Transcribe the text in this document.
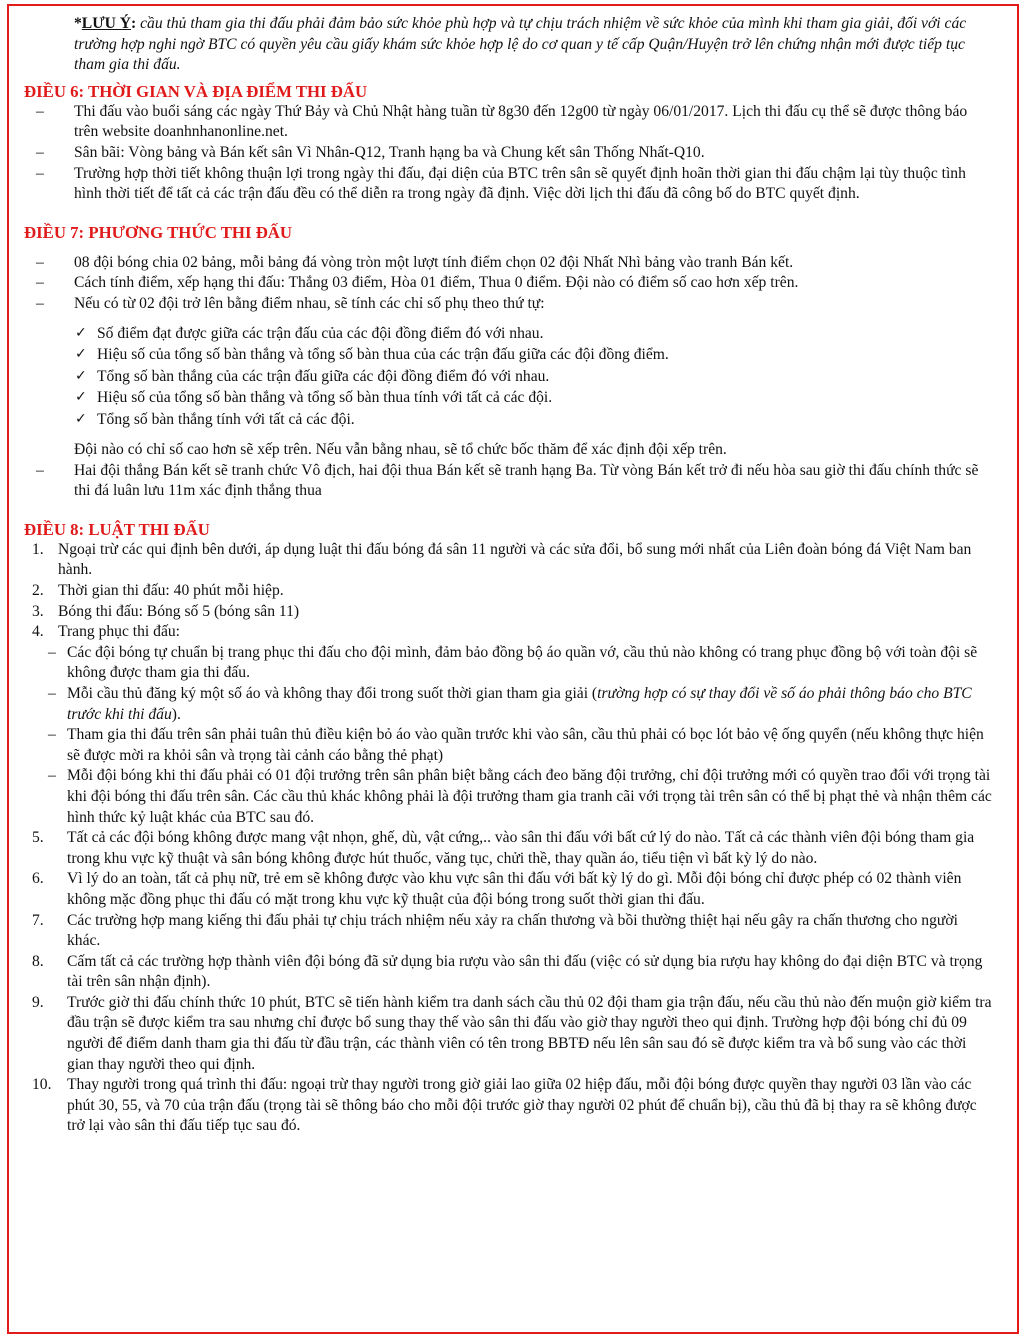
*LƯU Ý: cầu thủ tham gia thi đấu phải đảm bảo sức khỏe phù hợp và tự chịu trách nhiệm về sức khỏe của mình khi tham gia giải, đối với các trường hợp nghi ngờ BTC có quyền yêu cầu giấy khám sức khỏe hợp lệ do cơ quan y tế cấp Quận/Huyện trở lên chứng nhận mới được tiếp tục tham gia thi đấu.
ĐIỀU 6: THỜI GIAN VÀ ĐỊA ĐIỂM THI ĐẤU
– Thi đấu vào buổi sáng các ngày Thứ Bảy và Chủ Nhật hàng tuần từ 8g30 đến 12g00 từ ngày 06/01/2017. Lịch thi đấu cụ thể sẽ được thông báo trên website doanhnhanonline.net.
– Sân bãi: Vòng bảng và Bán kết sân Vì Nhân-Q12, Tranh hạng ba và Chung kết sân Thống Nhất-Q10.
– Trường hợp thời tiết không thuận lợi trong ngày thi đấu, đại diện của BTC trên sân sẽ quyết định hoãn thời gian thi đấu chậm lại tùy thuộc tình hình thời tiết để tất cả các trận đấu đều có thể diễn ra trong ngày đã định. Việc dời lịch thi đấu đã công bố do BTC quyết định.
ĐIỀU 7: PHƯƠNG THỨC THI ĐẤU
– 08 đội bóng chia 02 bảng, mỗi bảng đá vòng tròn một lượt tính điểm chọn 02 đội Nhất Nhì bảng vào tranh Bán kết.
– Cách tính điểm, xếp hạng thi đấu: Thắng 03 điểm, Hòa 01 điểm, Thua 0 điểm. Đội nào có điểm số cao hơn xếp trên.
– Nếu có từ 02 đội trở lên bằng điểm nhau, sẽ tính các chỉ số phụ theo thứ tự:
✓ Số điểm đạt được giữa các trận đấu của các đội đồng điểm đó với nhau.
✓ Hiệu số của tổng số bàn thắng và tổng số bàn thua của các trận đấu giữa các đội đồng điểm.
✓ Tổng số bàn thắng của các trận đấu giữa các đội đồng điểm đó với nhau.
✓ Hiệu số của tổng số bàn thắng và tổng số bàn thua tính với tất cả các đội.
✓ Tổng số bàn thắng tính với tất cả các đội.
Đội nào có chỉ số cao hơn sẽ xếp trên. Nếu vẫn bằng nhau, sẽ tổ chức bốc thăm để xác định đội xếp trên.
– Hai đội thắng Bán kết sẽ tranh chức Vô địch, hai đội thua Bán kết sẽ tranh hạng Ba. Từ vòng Bán kết trở đi nếu hòa sau giờ thi đấu chính thức sẽ thi đá luân lưu 11m xác định thắng thua
ĐIỀU 8: LUẬT THI ĐẤU
1. Ngoại trừ các qui định bên dưới, áp dụng luật thi đấu bóng đá sân 11 người và các sửa đổi, bổ sung mới nhất của Liên đoàn bóng đá Việt Nam ban hành.
2. Thời gian thi đấu: 40 phút mỗi hiệp.
3. Bóng thi đấu: Bóng số 5 (bóng sân 11)
4. Trang phục thi đấu:
– Các đội bóng tự chuẩn bị trang phục thi đấu cho đội mình, đảm bảo đồng bộ áo quần vớ, cầu thủ nào không có trang phục đồng bộ với toàn đội sẽ không được tham gia thi đấu.
– Mỗi cầu thủ đăng ký một số áo và không thay đổi trong suốt thời gian tham gia giải (trường hợp có sự thay đổi về số áo phải thông báo cho BTC trước khi thi đấu).
– Tham gia thi đấu trên sân phải tuân thủ điều kiện bỏ áo vào quần trước khi vào sân, cầu thủ phải có bọc lót bảo vệ ống quyển (nếu không thực hiện sẽ được mời ra khỏi sân và trọng tài cảnh cáo bằng thẻ phạt)
– Mỗi đội bóng khi thi đấu phải có 01 đội trưởng trên sân phân biệt bằng cách đeo băng đội trưởng, chỉ đội trưởng mới có quyền trao đổi với trọng tài khi đội bóng thi đấu trên sân. Các cầu thủ khác không phải là đội trưởng tham gia tranh cãi với trọng tài trên sân có thể bị phạt thẻ và nhận thêm các hình thức kỷ luật khác của BTC sau đó.
5. Tất cả các đội bóng không được mang vật nhọn, ghế, dù, vật cứng,.. vào sân thi đấu với bất cứ lý do nào. Tất cả các thành viên đội bóng tham gia trong khu vực kỹ thuật và sân bóng không được hút thuốc, văng tục, chửi thề, thay quần áo, tiểu tiện vì bất kỳ lý do nào.
6. Vì lý do an toàn, tất cả phụ nữ, trẻ em sẽ không được vào khu vực sân thi đấu với bất kỳ lý do gì. Mỗi đội bóng chỉ được phép có 02 thành viên không mặc đồng phục thi đấu có mặt trong khu vực kỹ thuật của đội bóng trong suốt thời gian thi đấu.
7. Các trường hợp mang kiếng thi đấu phải tự chịu trách nhiệm nếu xảy ra chấn thương và bồi thường thiệt hại nếu gây ra chấn thương cho người khác.
8. Cấm tất cả các trường hợp thành viên đội bóng đã sử dụng bia rượu vào sân thi đấu (việc có sử dụng bia rượu hay không do đại diện BTC và trọng tài trên sân nhận định).
9. Trước giờ thi đấu chính thức 10 phút, BTC sẽ tiến hành kiểm tra danh sách cầu thủ 02 đội tham gia trận đấu, nếu cầu thủ nào đến muộn giờ kiểm tra đầu trận sẽ được kiểm tra sau nhưng chỉ được bổ sung thay thế vào sân thi đấu vào giờ thay người theo qui định. Trường hợp đội bóng chỉ đủ 09 người để điểm danh tham gia thi đấu từ đầu trận, các thành viên có tên trong BBTĐ nếu lên sân sau đó sẽ được kiểm tra và bổ sung vào các thời gian thay người theo qui định.
10. Thay người trong quá trình thi đấu: ngoại trừ thay người trong giờ giải lao giữa 02 hiệp đấu, mỗi đội bóng được quyền thay người 03 lần vào các phút 30, 55, và 70 của trận đấu (trọng tài sẽ thông báo cho mỗi đội trước giờ thay người 02 phút để chuẩn bị), cầu thủ đã bị thay ra sẽ không được trở lại vào sân thi đấu tiếp tục sau đó.
